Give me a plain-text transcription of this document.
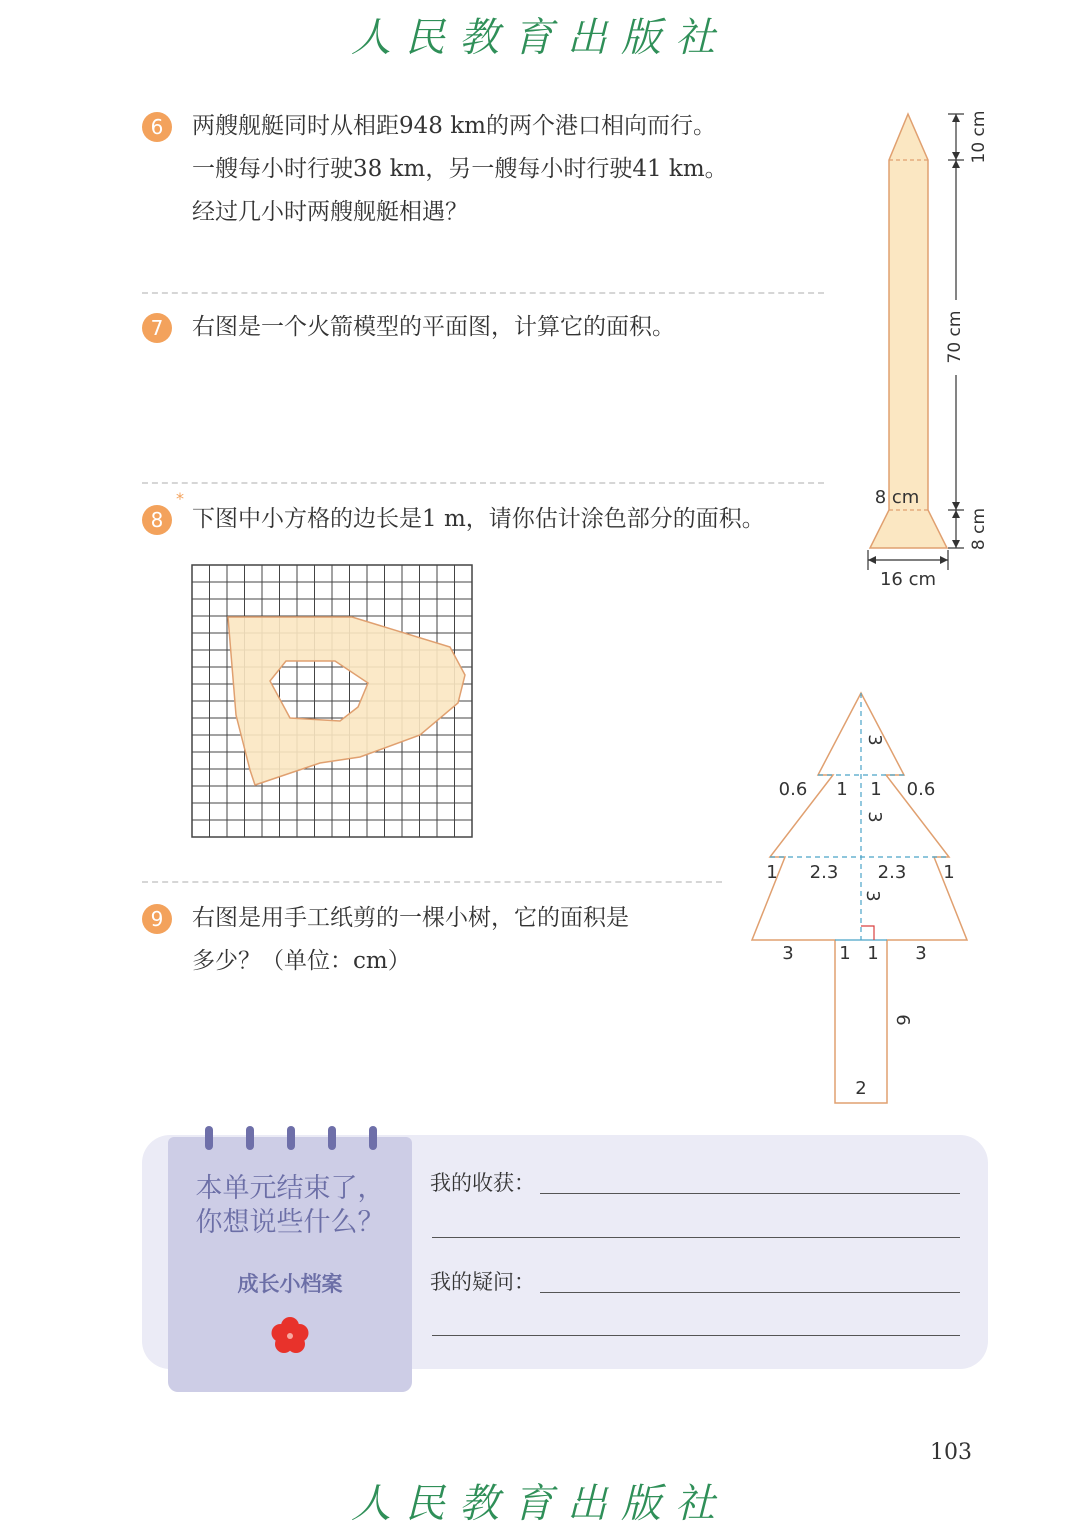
人民教育出版社
6	两艘舰艇同时从相距948 km的两个港口相向而行。
一艘每小时行驶38 km，另一艘每小时行驶41 km。
经过几小时两艘舰艇相遇？
7	右图是一个火箭模型的平面图，计算它的面积。
*
8	下图中小方格的边长是1 m，请你估计涂色部分的面积。
9	右图是用手工纸剪的一棵小树，它的面积是
多少？（单位：cm）
10 cm
70 cm
8 cm
8 cm
16 cm
3
0.6 1 1 0.6
3
1 2.3 2.3 1
3
3	1 1 3
6
2
本单元结束了，
你想说些什么？
成长小档案
我的收获：
我的疑问：
103
人民教育出版社
